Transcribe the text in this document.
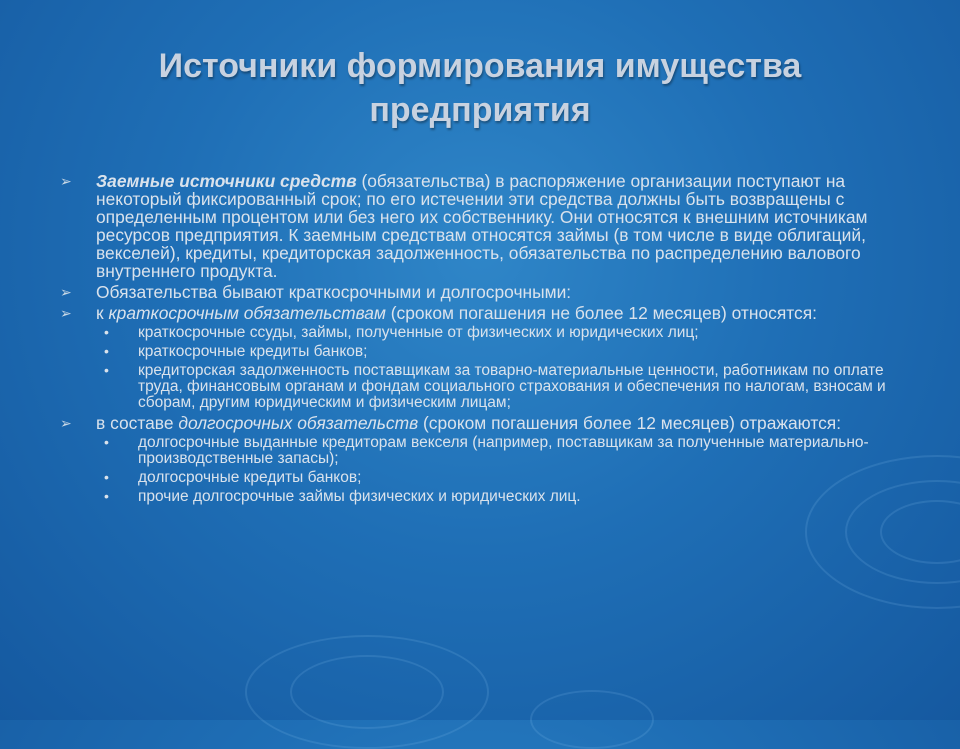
Источники формирования имущества
предприятия
➢ Заемные источники средств (обязательства) в распоряжение организации поступают на некоторый фиксированный срок; по его истечении эти средства должны быть возвращены с определенным процентом или без него их собственнику. Они относятся к внешним источникам ресурсов предприятия. К заемным средствам относятся займы (в том числе в виде облигаций, векселей), кредиты, кредиторская задолженность, обязательства по распределению валового внутреннего продукта.
➢ Обязательства бывают краткосрочными и долгосрочными:
➢ к краткосрочным обязательствам (сроком погашения не более 12 месяцев) относятся:
• краткосрочные ссуды, займы, полученные от физических и юридических лиц;
• краткосрочные кредиты банков;
• кредиторская задолженность поставщикам за товарно-материальные ценности, работникам по оплате труда, финансовым органам и фондам социального страхования и обеспечения по налогам, взносам и сборам, другим юридическим и физическим лицам;
➢ в составе долгосрочных обязательств (сроком погашения более 12 месяцев) отражаются:
• долгосрочные выданные кредиторам векселя (например, поставщикам за полученные материально-производственные запасы);
• долгосрочные кредиты банков;
• прочие долгосрочные займы физических и юридических лиц.
